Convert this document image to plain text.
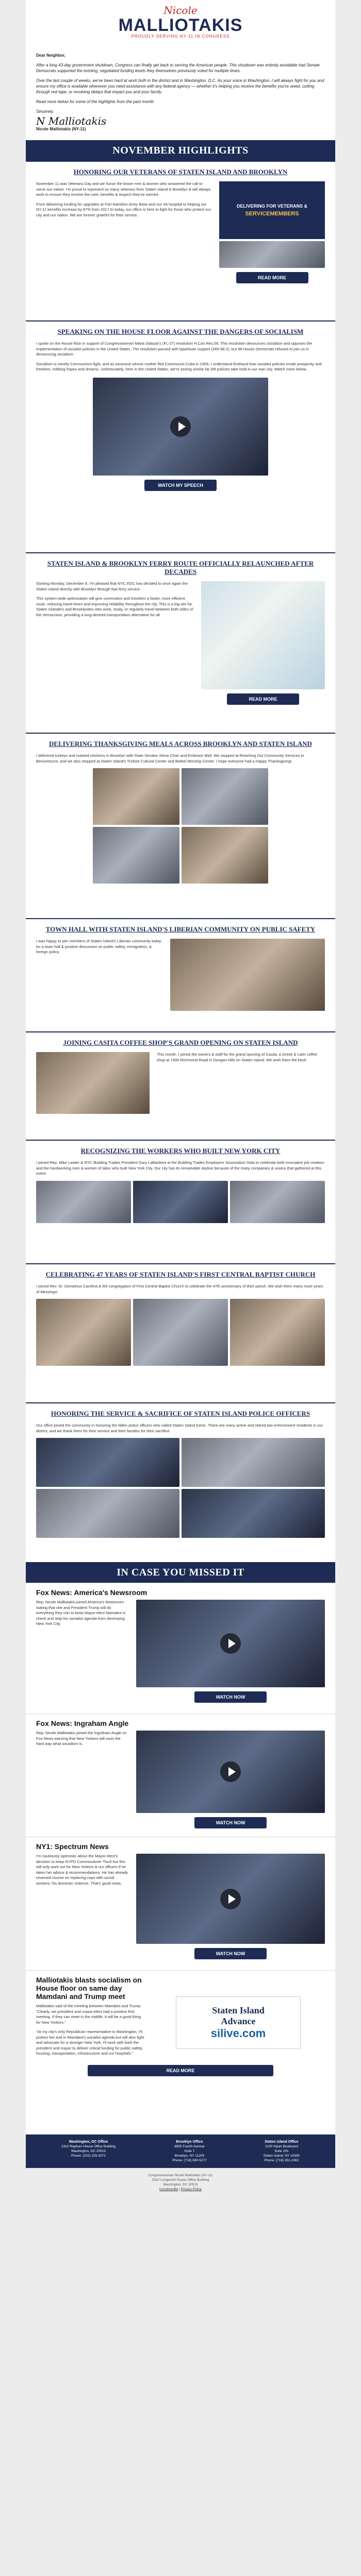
Nicole
MALLIOTAKIS
PROUDLY SERVING NY-11 IN CONGRESS

Dear Neighbor,

After a long 43-day government shutdown, Congress can finally get back to serving the American people. This shutdown was entirely avoidable had Senate Democrats supported the existing, negotiated funding levels they themselves previously voted for multiple times.

Over the last couple of weeks, we've been hard at work both in the district and in Washington, D.C. As your voice in Washington, I will always fight for you and ensure my office is available whenever you need assistance with any federal agency — whether it's helping you receive the benefits you're owed, cutting through red tape, or resolving delays that impact you and your family.

Read more below for some of the highlights from the past month.

Sincerely,

N Malliotakis

Nicole Malliotakis (NY-11)

NOVEMBER HIGHLIGHTS
HONORING OUR VETERANS OF STATEN ISLAND AND BROOKLYN

November 11 was Veterans Day and we honor the brave men & women who answered the call to serve our nation. I'm proud to represent so many veterans from Staten Island & Brooklyn & will always work to ensure they receive the care, benefits & respect they've earned.

From delivering funding for upgrades at Fort Hamilton Army Base and our VA hospital to helping our NY-11 benefits increase by 67% from 2017 to today, our office is here to fight for those who protect our city and our nation. We are forever grateful for their service.

DELIVERING FOR VETERANS &
SERVICEMEMBERS
READ MORE
SPEAKING ON THE HOUSE FLOOR AGAINST THE DANGERS OF SOCIALISM

I spoke on the House floor in support of Congresswoman Maria Salazar's (FL-27) resolution H.Con.Res.58. This resolution denounces socialism and opposes the implementation of socialist policies in the United States. The resolution passed with bipartisan support (285-98-2), but 98 House Democrats refused to join us in denouncing socialism.

Socialism is merely Communism-light, and as someone whose mother fled Communist Cuba in 1959, I understand firsthand how socialist policies erode prosperity and freedom, robbing hopes and dreams. Unfortunately, here in the United States, we're seeing similar far left policies take hold in our own city. Watch more below.

WATCH MY SPEECH
STATEN ISLAND & BROOKLYN FERRY ROUTE OFFICIALLY RELAUNCHED AFTER DECADES

Starting Monday, December 8, I'm pleased that NYC EDC has decided to once again the Staten Island directly with Brooklyn through fast ferry service.

This system-wide optimization will give commuters and travelers a faster, more efficient route, reducing travel times and improving reliability throughout the city. This is a big win for Staten Islanders and Brooklynites who work, study, or regularly travel between both sides of the Verrazzano, providing a long-desired transportation alternative for all.

READ MORE
DELIVERING THANKSGIVING MEALS ACROSS BROOKLYN AND STATEN ISLAND

I delivered turkeys and roasted chickens in Brooklyn with State Senator Steve Chan and Embrace Mall. We stopped at Reaching Out Community Services in Bensonhurst, and we also stopped at Staten Island's Turkish Cultural Center and Bethel Worship Center. I hope everyone had a Happy Thanksgiving!

TOWN HALL WITH STATEN ISLAND'S LIBERIAN COMMUNITY ON PUBLIC SAFETY

I was happy to join members of Staten Island's Liberian community today for a town hall & positive discussion on public safety, immigration, & foreign policy.

JOINING CASITA COFFEE SHOP'S GRAND OPENING ON STATEN ISLAND

This month, I joined the owners & staff for the grand opening of Casita, a Greek & Latin coffee shop at 7495 Richmond Road in Dongan Hills on Staten Island. We wish them the best!

RECOGNIZING THE WORKERS WHO BUILT NEW YORK CITY

I joined Rep. Mike Lawler & NYC Building Trades President Gary LaBarbera at the Building Trades Employers' Association Gala to celebrate both innovative job creators and the hardworking men & women of labor who built New York City. Our city has its remarkable skyline because of the many companies & unions that gathered at this event.

CELEBRATING 47 YEARS OF STATEN ISLAND'S FIRST CENTRAL BAPTIST CHURCH

I joined Rev. Dr. Demetrius Carolina & the congregation of First Central Baptist Church to celebrate the 47th anniversary of their parish. We wish them many more years of blessings!

HONORING THE SERVICE & SACRIFICE OF STATEN ISLAND POLICE OFFICERS

Our office joined the community in honoring the fallen police officers who called Staten Island home. There are many active and retired law enforcement residents in our district, and we thank them for their service and their families for their sacrifice.

IN CASE YOU MISSED IT
Fox News: America's Newsroom

Rep. Nicole Malliotakis joined America's Newsroom stating that she and President Trump will do everything they can to keep Mayor-elect Mamdani in check and stop his socialist agenda from destroying New York City.

WATCH NOW
Fox News: Ingraham Angle

Rep. Nicole Malliotakis joined the Ingraham Angle on Fox News warning that New Yorkers will soon the hard way what socialism is.

WATCH NOW
NY1: Spectrum News

I'm cautiously optimistic about the Mayor-elect's decision to keep NYPD Commissioner Tisch but this will only work out for New Yorkers & our officers if he takes her advice & recommendations. He has already reversed course on replacing cops with social workers; his domestic violence. That's good news.

WATCH NOW
Malliotakis blasts socialism on House floor on same day Mamdani and Trump meet

Malliotakis said of the meeting between Mamdani and Trump: "Clearly, we president and mayor-elect had a positive first meeting. If they can meet in the middle, it will be a good thing for New Yorkers."

"At my city's only Republican representative in Washington, I'll protect her and in Mamdani's socialist agenda but will also fight and advocate for a stronger New York. I'll work with both the president and mayor to deliver critical funding for public safety, housing, transportation, infrastructure and our hospitals."

Staten Island
Advance
silive.com
READ MORE
Washington, DC Office
2310 Rayburn House Office Building
Washington, DC 20515
Phone: (202) 225-3371
Brooklyn Office
8505 Fourth Avenue
Suite 7
Brooklyn, NY 11209
Phone: (718) 630-5277
Staten Island Office
2100 Hylan Boulevard
Suite 201
Staten Island, NY 10305
Phone: (718) 351-1062
Congresswoman Nicole Malliotakis (NY-11)
2310 Longworth House Office Building
Washington, DC 20515
Unsubscribe | Privacy Policy
